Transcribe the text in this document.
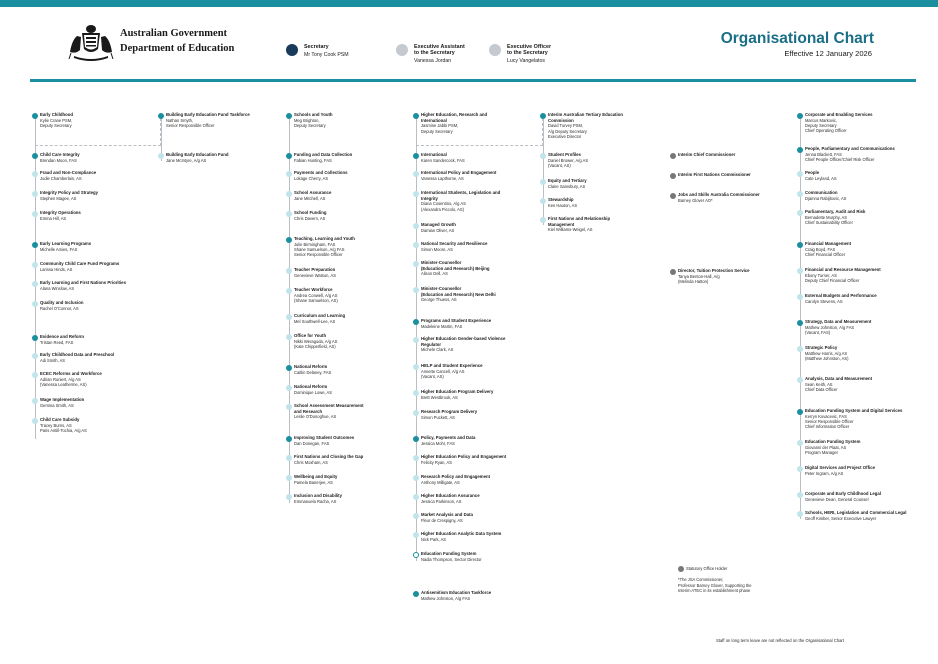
Australian Government
Department of Education	Secretary
Mr Tony Cook PSM
Executive Assistant
to the Secretary
Vanessa Jordan
Executive Officer
to the Secretary
Lucy Vangelatos
Organisational Chart
Effective 12 January 2026
Early Childhood
Kylie Crane PSM,
Deputy Secretary
Child Care Integrity
Brendan Moon, FAS
Fraud and Non-Compliance
Jodie Chamberlain, AS
Integrity Policy and Strategy
Stephen Magee, AS
Integrity Operations
Emma Hill, AS
Early Learning Programs
Michelle Amies, FAS
Community Child Care Fund Programs
Larissa Hinds, AS
Early Learning and First Nations Priorities
Alana Winslow, AS
Quality and Inclusion
Rachel O'Connor, AS
Evidence and Reform
Tristan Reed, FAS
Early Childhood Data and Preschool
Adi Smith, AS
ECEC Reforms and Workforce
Adrian Runiert, A/g AS
(Vanessa Leatherme, AS)
Wage Implementation
Gemma Smith, AS
Child Care Subsidy
Tracey Burns, AS
Paris Antill-Tochia, A/g AS
Building Early Education Fund Taskforce
Nathan Smyth,
Senior Responsible Officer
Building Early Education Fund
Jane McIntyre, A/g AS
Schools and Youth
Meg Brighton,
Deputy Secretary
Funding and Data Collection
Fabian Hunting, FAS
Payments and Collections
Lokage Cherry, AS
School Assurance
Jane Mitchell, AS
School Funding
Chris Davern, AS
Teaching, Learning and Youth
Julie Birmingham, FAS
Shane Samuelson, A/g FAS
Senior Responsible Officer
Teacher Preparation
Genevieve Watson, AS
Teacher Workforce
Andrea Conwell, A/g AS
(Shane Samuelson, AS)
Curriculum and Learning
Mel Southwell-Lee, AS
Office for Youth
Nikki Weragoda, A/g AS
(Kate Chipperfield, AS)
National Reform
Caitlin Delaney, FAS
National Reform
Dominique Lowe, AS
School Assessment Measurement
and Research
Leslie O'Donoghue, AS
Improving Student Outcomes
Dan Donegan, FAS
First Nations and Closing the Gap
Chris Moxham, AS
Wellbeing and Equity
Pamela Banerjee, AS
Inclusion and Disability
Emmanuela Racha, AS
Higher Education, Research and
International
Jasmine Jabbi PSM,
Deputy Secretary
International
Karen Sandercock, FAS
International Policy and Engagement
Vanessa Lapthorne, AS
International Students, Legislation and
Integrity
Diana Cosentino, A/g AS
(Alexandra Piccolo, AS)
Managed Growth
Damian Oliver, AS
National Security and Resilience
Simon Moore, AS
Minister-Counsellor
(Education and Research) Beijing
Alison Dell, AS
Minister-Counsellor
(Education and Research) New Delhi
George Thuess, AS
Programs and Student Experience
Madeleine Martin, FAS
Higher Education Gender-based Violence
Regulator
Michele Clark, AS
HELP and Student Experience
Annette Cancell, A/g AS
(Vacant, AS)
Higher Education Program Delivery
Brett Westbrook, AS
Research Program Delivery
Simon Puckett, AS
Policy, Payments and Data
Jessica Mohr, FAS
Higher Education Policy and Engagement
Felicity Ryan, AS
Research Policy and Engagement
Anthony Milligate, AS
Higher Education Assurance
Jessica Parkinson, AS
Market Analysis and Data
Fleur de Crespigny, AS
Higher Education Analytic Data System
Nick Park, AS
Education Funding System
Nadia Thompson, Sector Director
Antisemitism Education Taskforce
Mathew Johnston, A/g FAS
Interim Australian Tertiary Education
Commission
David Turvey PSM,
A/g Deputy Secretary
Executive Director
Student Profiles
Daniel Brower, A/g AS
(Vacant, AS)
Equity and Tertiary
Claire Sainsbury, AS
Stewardship
Ken Hauton, AS
First Nations and Relationship
Management
Kiel Williams-Weigel, AS
Interim Chief Commissioner
Interim First Nations Commissioner
Jobs and Skills Australia Commissioner
Barney Glover AO*
Director, Tuition Protection Service
Tanya Benton-Hall, A/g
(Melinda Hatton)
Corporate and Enabling Services
Marcus Markovic,
Deputy Secretary
Chief Operating Officer
People, Parliamentary and Communications
Jenna Blackett, FAS
Chief People Officer/Chief Risk Officer
People
Cate Leyland, AS
Communication
Djamna Rabijitovic, AS
Parliamentary, Audit and Risk
Bernadette Murphy, AS
Chief Sustainability Officer
Financial Management
Craig Boyd, FAS
Chief Financial Officer
Financial and Resource Management
Ebony Turner, AS
Deputy Chief Financial Officer
External Budgets and Performance
Carolyn Stevens, AS
Strategy, Data and Measurement
Mathew Johnston, A/g FAS
(Vacant, FAS)
Strategic Policy
Matthew Harris, A/g AS
(Matthew Johnston, AS)
Analysis, Data and Measurement
Sean Keith, AS
Chief Data Officer
Education Funding System and Digital Services
Kerryn Kovacevic, FAS
Senior Responsible Officer
Chief Information Officer
Education Funding System
Giovanni der Plaat, AS
Program Manager
Digital Services and Project Office
Peter Ingram, A/g AS
Corporate and Early Childhood Legal
Genevieve Dean, General Counsel
Schools, HERI, Legislation and Commercial Legal
Geoff Kimber, Senior Executive Lawyer
Statutory Office Holder
*The JSA Commissioner,
Professor Barney Glover, Supporting the
Interim ATEC in its establishment phase
Staff on long term leave are not reflected on the Organisational Chart
